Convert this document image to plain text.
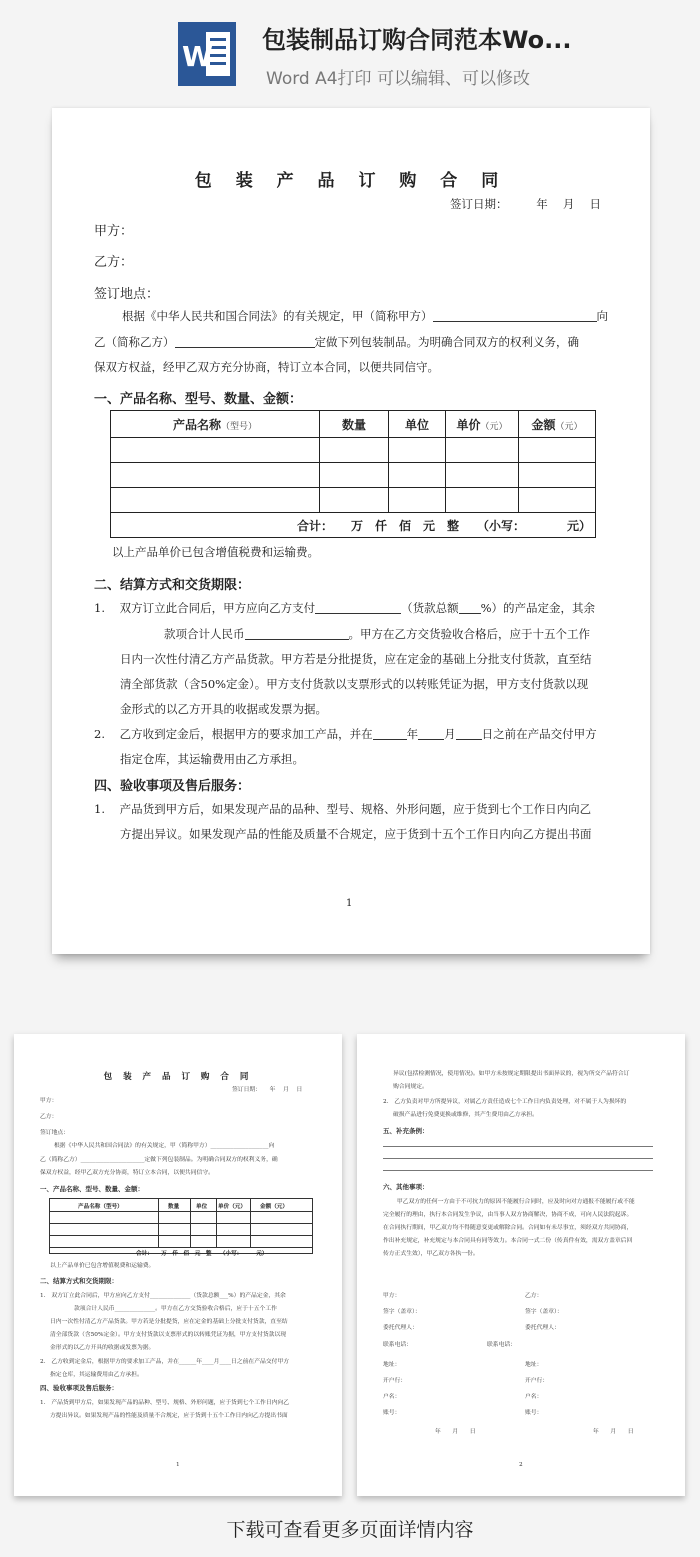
W 包装制品订购合同范本Wo...
Word A4打印 可以编辑、可以修改
包 装 产 品 订 购 合 同
签订日期：　　　年　 月　 日
甲方：
乙方：
签订地点：
根据《中华人民共和国合同法》的有关规定，甲（简称甲方）	向
乙（简称乙方）	定做下列包装制品。为明确合同双方的权利义务，确
保双方权益，经甲乙双方充分协商，特订立本合同，以便共同信守。
一、产品名称、型号、数量、金额：
产品名称（型号）	数量	单位	单价（元）	金额（元）

合计：　　万　仟　佰　元　整　　（小写：　　　　元）				
以上产品单价已包含增值税费和运输费。
二、结算方式和交货期限：
1. 双方订立此合同后，甲方应向乙方支付	（货款总额 %）的产品定金，其余
款项合计人民币	。甲方在乙方交货验收合格后，应于十五个工作
日内一次性付清乙方产品货款。甲方若是分批提货，应在定金的基础上分批支付货款，直至结
清全部货款（含50%定金）。甲方支付货款以支票形式的以转账凭证为据，甲方支付货款以现
金形式的以乙方开具的收据或发票为据。
2. 乙方收到定金后，根据甲方的要求加工产品，并在	年 月 日之前在产品交付甲方
指定仓库，其运输费用由乙方承担。
四、验收事项及售后服务：
1. 产品货到甲方后，如果发现产品的品种、型号、规格、外形问题，应于货到七个工作日内向乙
方提出异议。如果发现产品的性能及质量不合规定，应于货到十五个工作日内向乙方提出书面
1
包 装 产 品 订 购 合 同
签订日期：　　年　 月　 日
甲方：
乙方：
签订地点：
根据《中华人民共和国合同法》的有关规定，甲（简称甲方）____________________向
乙（简称乙方）______________________定做下列包装制品。为明确合同双方的权利义务，确
保双方权益，经甲乙双方充分协商，特订立本合同，以便共同信守。
一、产品名称、型号、数量、金额：
产品名称（型号）	数量	单位 单价（元）	金额（元）
合计：　　万　仟　佰　元　整　　（小写：　　　元）
以上产品单价已包含增值税费和运输费。
二、结算方式和交货期限：
1.　双方订立此合同后，甲方应向乙方支付______________（货款总额___%）的产品定金，其余
款项合计人民币______________。甲方在乙方交货验收合格后，应于十五个工作
日内一次性付清乙方产品货款。甲方若是分批提货，应在定金的基础上分批支付货款，直至结
清全部货款（含50%定金）。甲方支付货款以支票形式的以转账凭证为据，甲方支付货款以现
金形式的以乙方开具的收据或发票为据。
2.　乙方收到定金后，根据甲方的要求加工产品，并在______年____月____日之前在产品交付甲方
指定仓库，其运输费用由乙方承担。
四、验收事项及售后服务：
1.　产品货到甲方后，如果发现产品的品种、型号、规格、外形问题，应于货到七个工作日内向乙
方提出异议。如果发现产品的性能及质量不合规定，应于货到十五个工作日内向乙方提出书面
1
异议(包括检测情况，使用情况)。如甲方未按规定期限提出书面异议的，视为所交产品符合订
购合同规定。
2.　乙方负责对甲方所提异议，对属乙方责任造成七个工作日内负责处理，对不属于人为损坏的
破损产品进行免费更换或维修，其产生费用由乙方承担。
五、补充条例：
六、其他事项：
甲乙双方的任何一方由于不可抗力的原因不能履行合同时，应及时向对方通报不能履行或不能
完全履行的理由，执行本合同发生争议，由当事人双方协商解决，协商不成，可向人民法院起诉。
在合同执行期间，甲乙双方均不得随意变更或解除合同。合同如有未尽事宜，须经双方共同协商，
作出补充规定，补充规定与本合同具有同等效力。本合同一式二份（传真件有效，需双方盖章后回
传方正式生效），甲乙双方各执一份。
甲方：
签字（盖章）：
委托代理人：
联系电话：
地址：
开户行：
户名：
账号：
乙方：
签字（盖章）：
委托代理人：
联系电话：
地址：
开户行：
户名：
账号：
年　　月　　日	年　　月　　日
2
下载可查看更多页面详情内容
